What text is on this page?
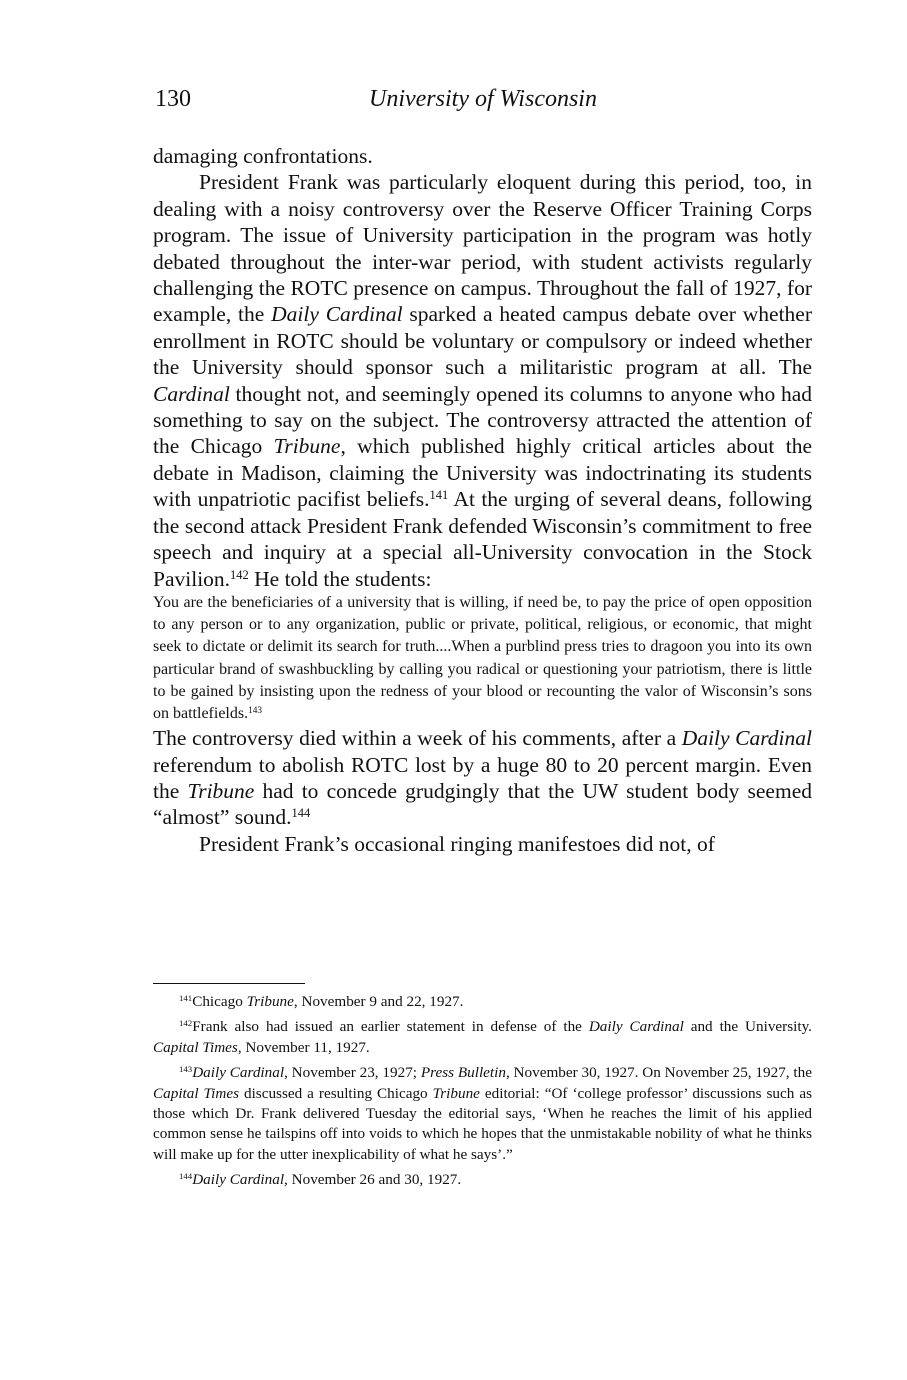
130	University of Wisconsin

damaging confrontations.

President Frank was particularly eloquent during this period, too, in dealing with a noisy controversy over the Reserve Officer Training Corps program. The issue of University participation in the program was hotly debated throughout the inter-war period, with student activists regularly challenging the ROTC presence on campus. Throughout the fall of 1927, for example, the Daily Cardinal sparked a heated campus debate over whether enrollment in ROTC should be voluntary or compulsory or indeed whether the University should sponsor such a militaristic program at all. The Cardinal thought not, and seemingly opened its columns to anyone who had something to say on the subject. The controversy attracted the attention of the Chicago Tribune, which published highly critical articles about the debate in Madison, claiming the University was indoctrinating its students with unpatriotic pacifist beliefs.$^{141}$ At the urging of several deans, following the second attack President Frank defended Wisconsin’s commitment to free speech and inquiry at a special all-University convocation in the Stock Pavilion.$^{142}$ He told the students:

You are the beneficiaries of a university that is willing, if need be, to pay the price of open opposition to any person or to any organization, public or private, political, religious, or economic, that might seek to dictate or delimit its search for truth....When a purblind press tries to dragoon you into its own particular brand of swashbuckling by calling you radical or questioning your patriotism, there is little to be gained by insisting upon the redness of your blood or recounting the valor of Wisconsin’s sons on battlefields.$^{143}$

The controversy died within a week of his comments, after a Daily Cardinal referendum to abolish ROTC lost by a huge 80 to 20 percent margin. Even the Tribune had to concede grudgingly that the UW student body seemed “almost” sound.$^{144}$

President Frank’s occasional ringing manifestoes did not, of

$^{141}$Chicago Tribune, November 9 and 22, 1927.

$^{142}$Frank also had issued an earlier statement in defense of the Daily Cardinal and the University. Capital Times, November 11, 1927.

$^{143}$Daily Cardinal, November 23, 1927; Press Bulletin, November 30, 1927. On November 25, 1927, the Capital Times discussed a resulting Chicago Tribune editorial: “Of ‘college professor’ discussions such as those which Dr. Frank delivered Tuesday the editorial says, ‘When he reaches the limit of his applied common sense he tailspins off into voids to which he hopes that the unmistakable nobility of what he thinks will make up for the utter inexplicability of what he says’.”

$^{144}$Daily Cardinal, November 26 and 30, 1927.
